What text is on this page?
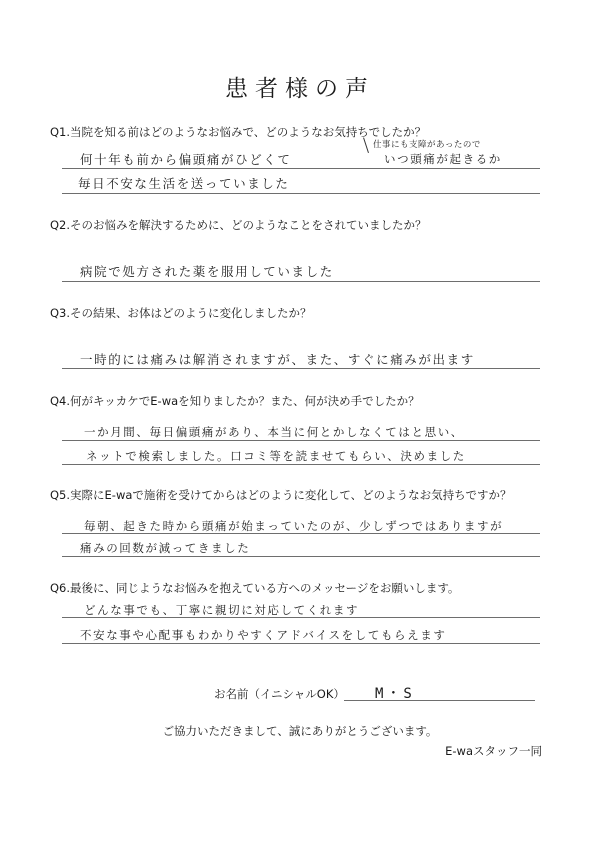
患者様の声
Q1.当院を知る前はどのようなお悩みで、どのようなお気持ちでしたか？
仕事にも支障があったので
何十年も前から偏頭痛がひどくて	いつ頭痛が起きるか
毎日不安な生活を送っていました
Q2.そのお悩みを解決するために、どのようなことをされていましたか？
病院で処方された薬を服用していました
Q3.その結果、お体はどのように変化しましたか？
一時的には痛みは解消されますが、また、すぐに痛みが出ます
Q4.何がキッカケでE-waを知りましたか？また、何が決め手でしたか？
一か月間、毎日偏頭痛があり、本当に何とかしなくてはと思い、
ネットで検索しました。口コミ等を読ませてもらい、決めました
Q5.実際にE-waで施術を受けてからはどのように変化して、どのようなお気持ちですか？
毎朝、起きた時から頭痛が始まっていたのが、少しずつではありますが
痛みの回数が減ってきました
Q6.最後に、同じようなお悩みを抱えている方へのメッセージをお願いします。
どんな事でも、丁寧に親切に対応してくれます
不安な事や心配事もわかりやすくアドバイスをしてもらえます
お名前（イニシャルOK） M・S
ご協力いただきまして、誠にありがとうございます。
E-waスタッフ一同
